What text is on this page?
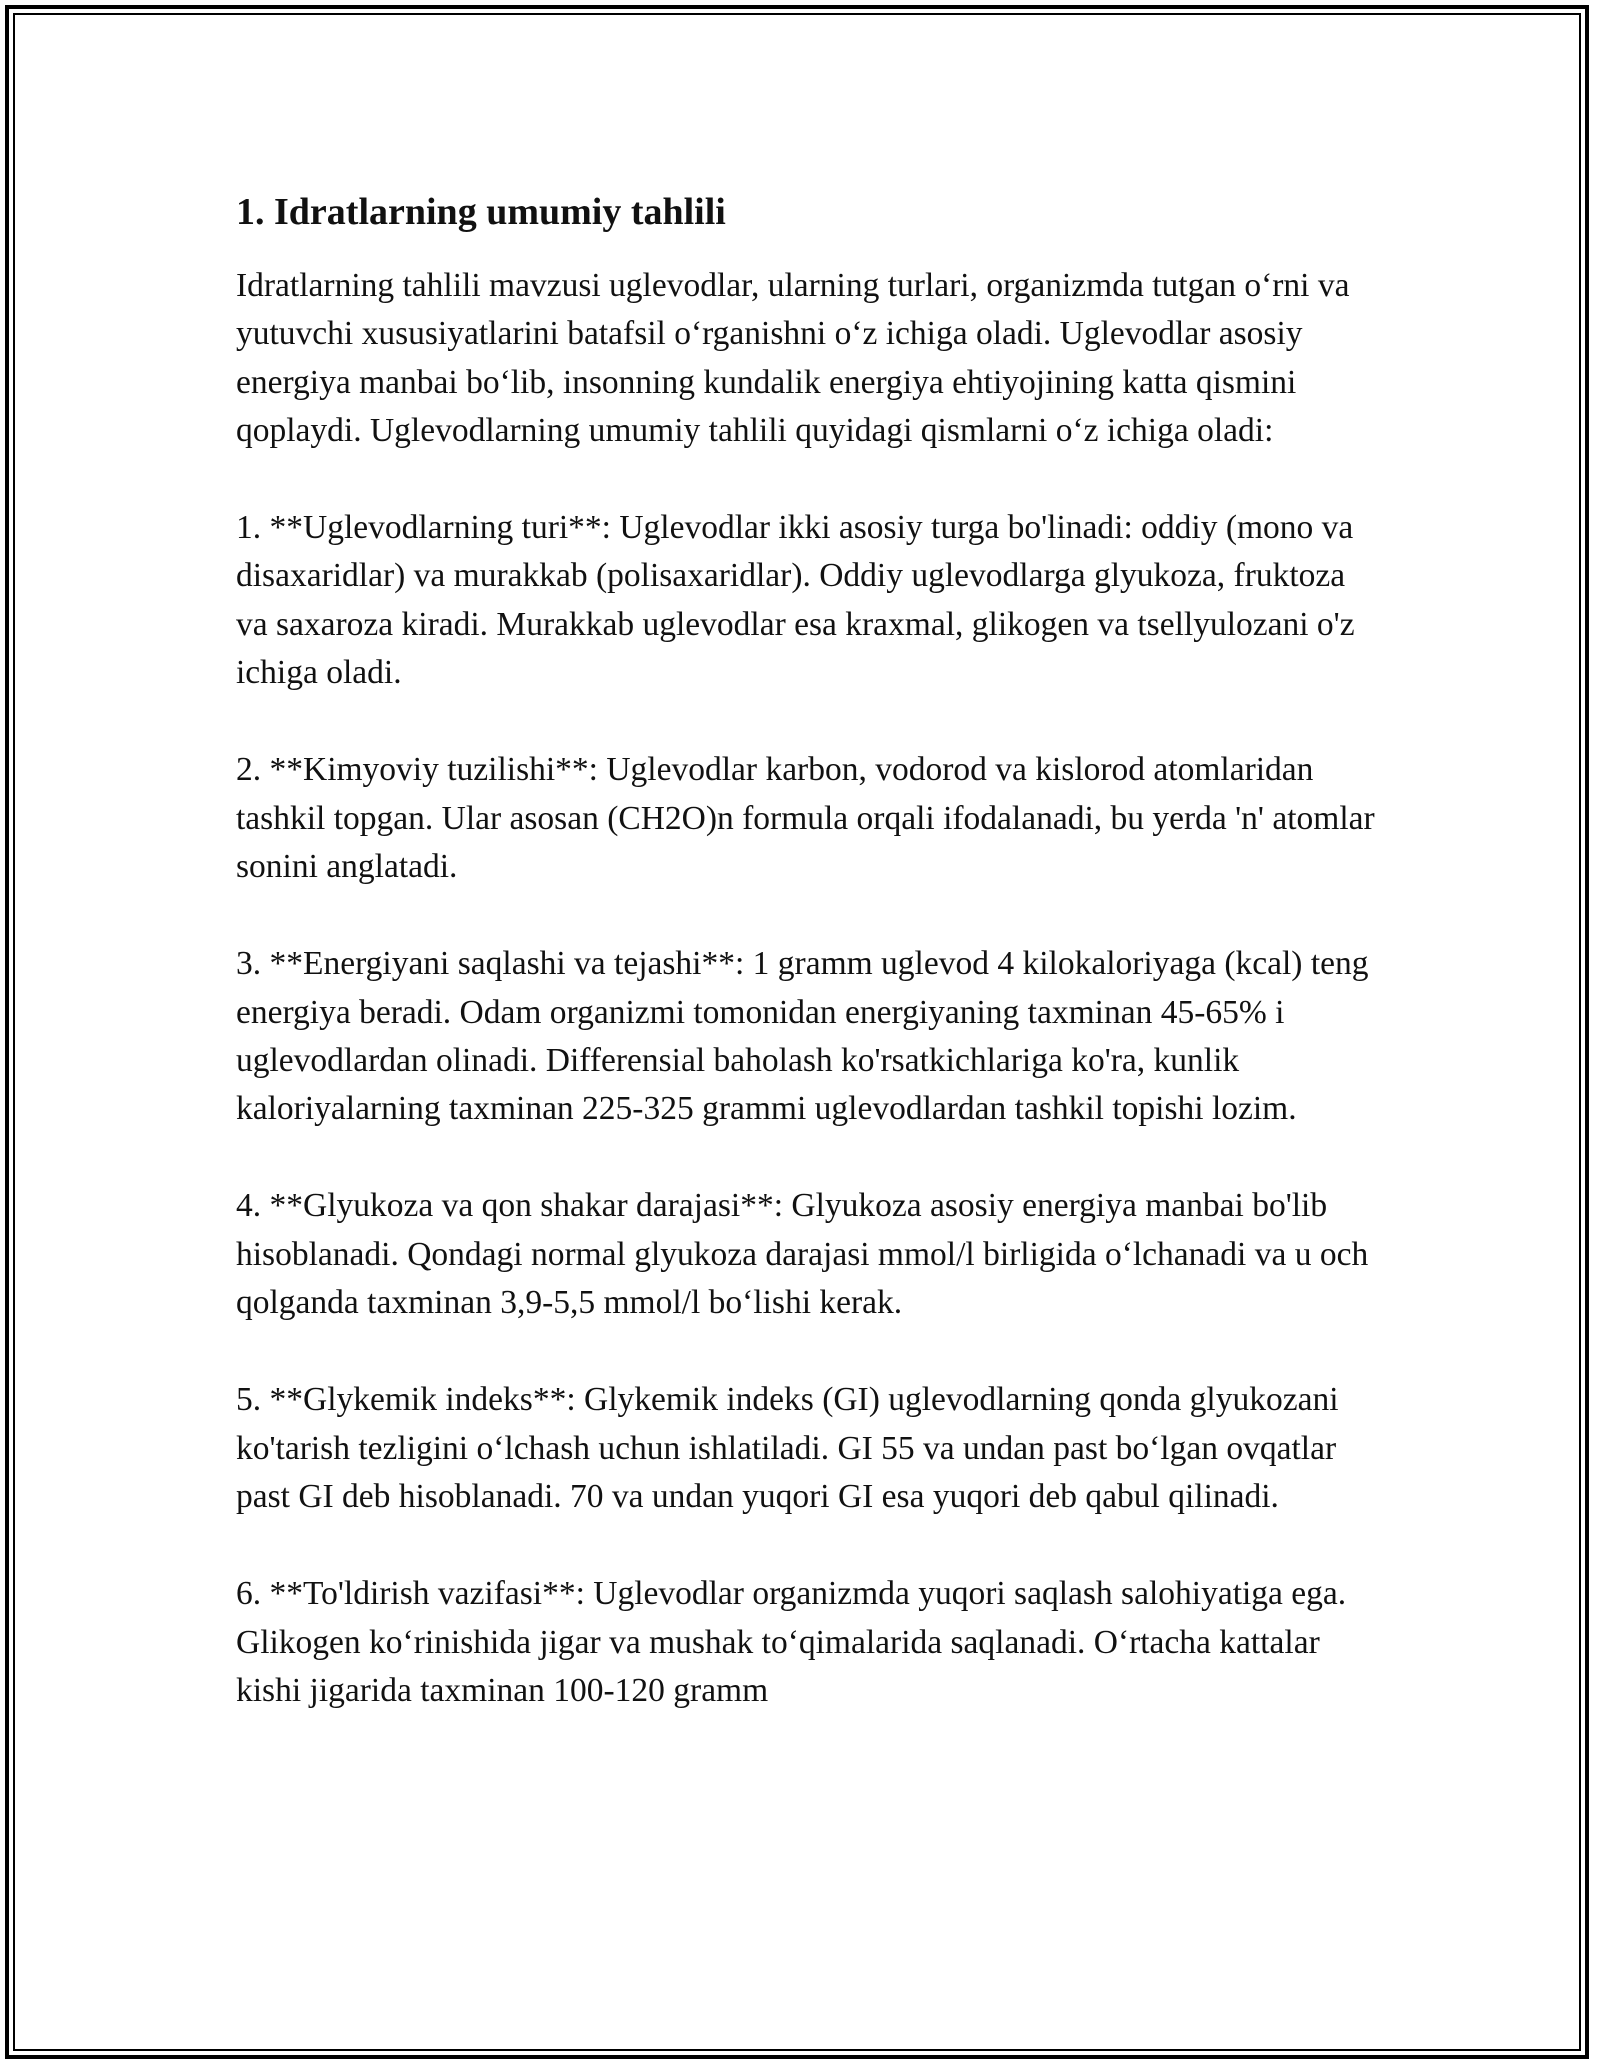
1. Idratlarning umumiy tahlili

Idratlarning tahlili mavzusi uglevodlar, ularning turlari, organizmda tutgan o‘rni va yutuvchi xususiyatlarini batafsil o‘rganishni o‘z ichiga oladi. Uglevodlar asosiy energiya manbai bo‘lib, insonning kundalik energiya ehtiyojining katta qismini qoplaydi. Uglevodlarning umumiy tahlili quyidagi qismlarni o‘z ichiga oladi:

1. **Uglevodlarning turi**: Uglevodlar ikki asosiy turga bo'linadi: oddiy (mono va disaxaridlar) va murakkab (polisaxaridlar). Oddiy uglevodlarga glyukoza, fruktoza va saxaroza kiradi. Murakkab uglevodlar esa kraxmal, glikogen va tsellyulozani o'z ichiga oladi.

2. **Kimyoviy tuzilishi**: Uglevodlar karbon, vodorod va kislorod atomlaridan tashkil topgan. Ular asosan (CH2O)n formula orqali ifodalanadi, bu yerda 'n' atomlar sonini anglatadi.

3. **Energiyani saqlashi va tejashi**: 1 gramm uglevod 4 kilokaloriyaga (kcal) teng energiya beradi. Odam organizmi tomonidan energiyaning taxminan 45-65% i uglevodlardan olinadi. Differensial baholash ko'rsatkichlariga ko'ra, kunlik kaloriyalarning taxminan 225-325 grammi uglevodlardan tashkil topishi lozim.

4. **Glyukoza va qon shakar darajasi**: Glyukoza asosiy energiya manbai bo'lib hisoblanadi. Qondagi normal glyukoza darajasi mmol/l birligida o‘lchanadi va u och qolganda taxminan 3,9-5,5 mmol/l bo‘lishi kerak.

5. **Glykemik indeks**: Glykemik indeks (GI) uglevodlarning qonda glyukozani ko'tarish tezligini o‘lchash uchun ishlatiladi. GI 55 va undan past bo‘lgan ovqatlar past GI deb hisoblanadi. 70 va undan yuqori GI esa yuqori deb qabul qilinadi.

6. **To'ldirish vazifasi**: Uglevodlar organizmda yuqori saqlash salohiyatiga ega. Glikogen ko‘rinishida jigar va mushak to‘qimalarida saqlanadi. O‘rtacha kattalar kishi jigarida taxminan 100-120 gramm
